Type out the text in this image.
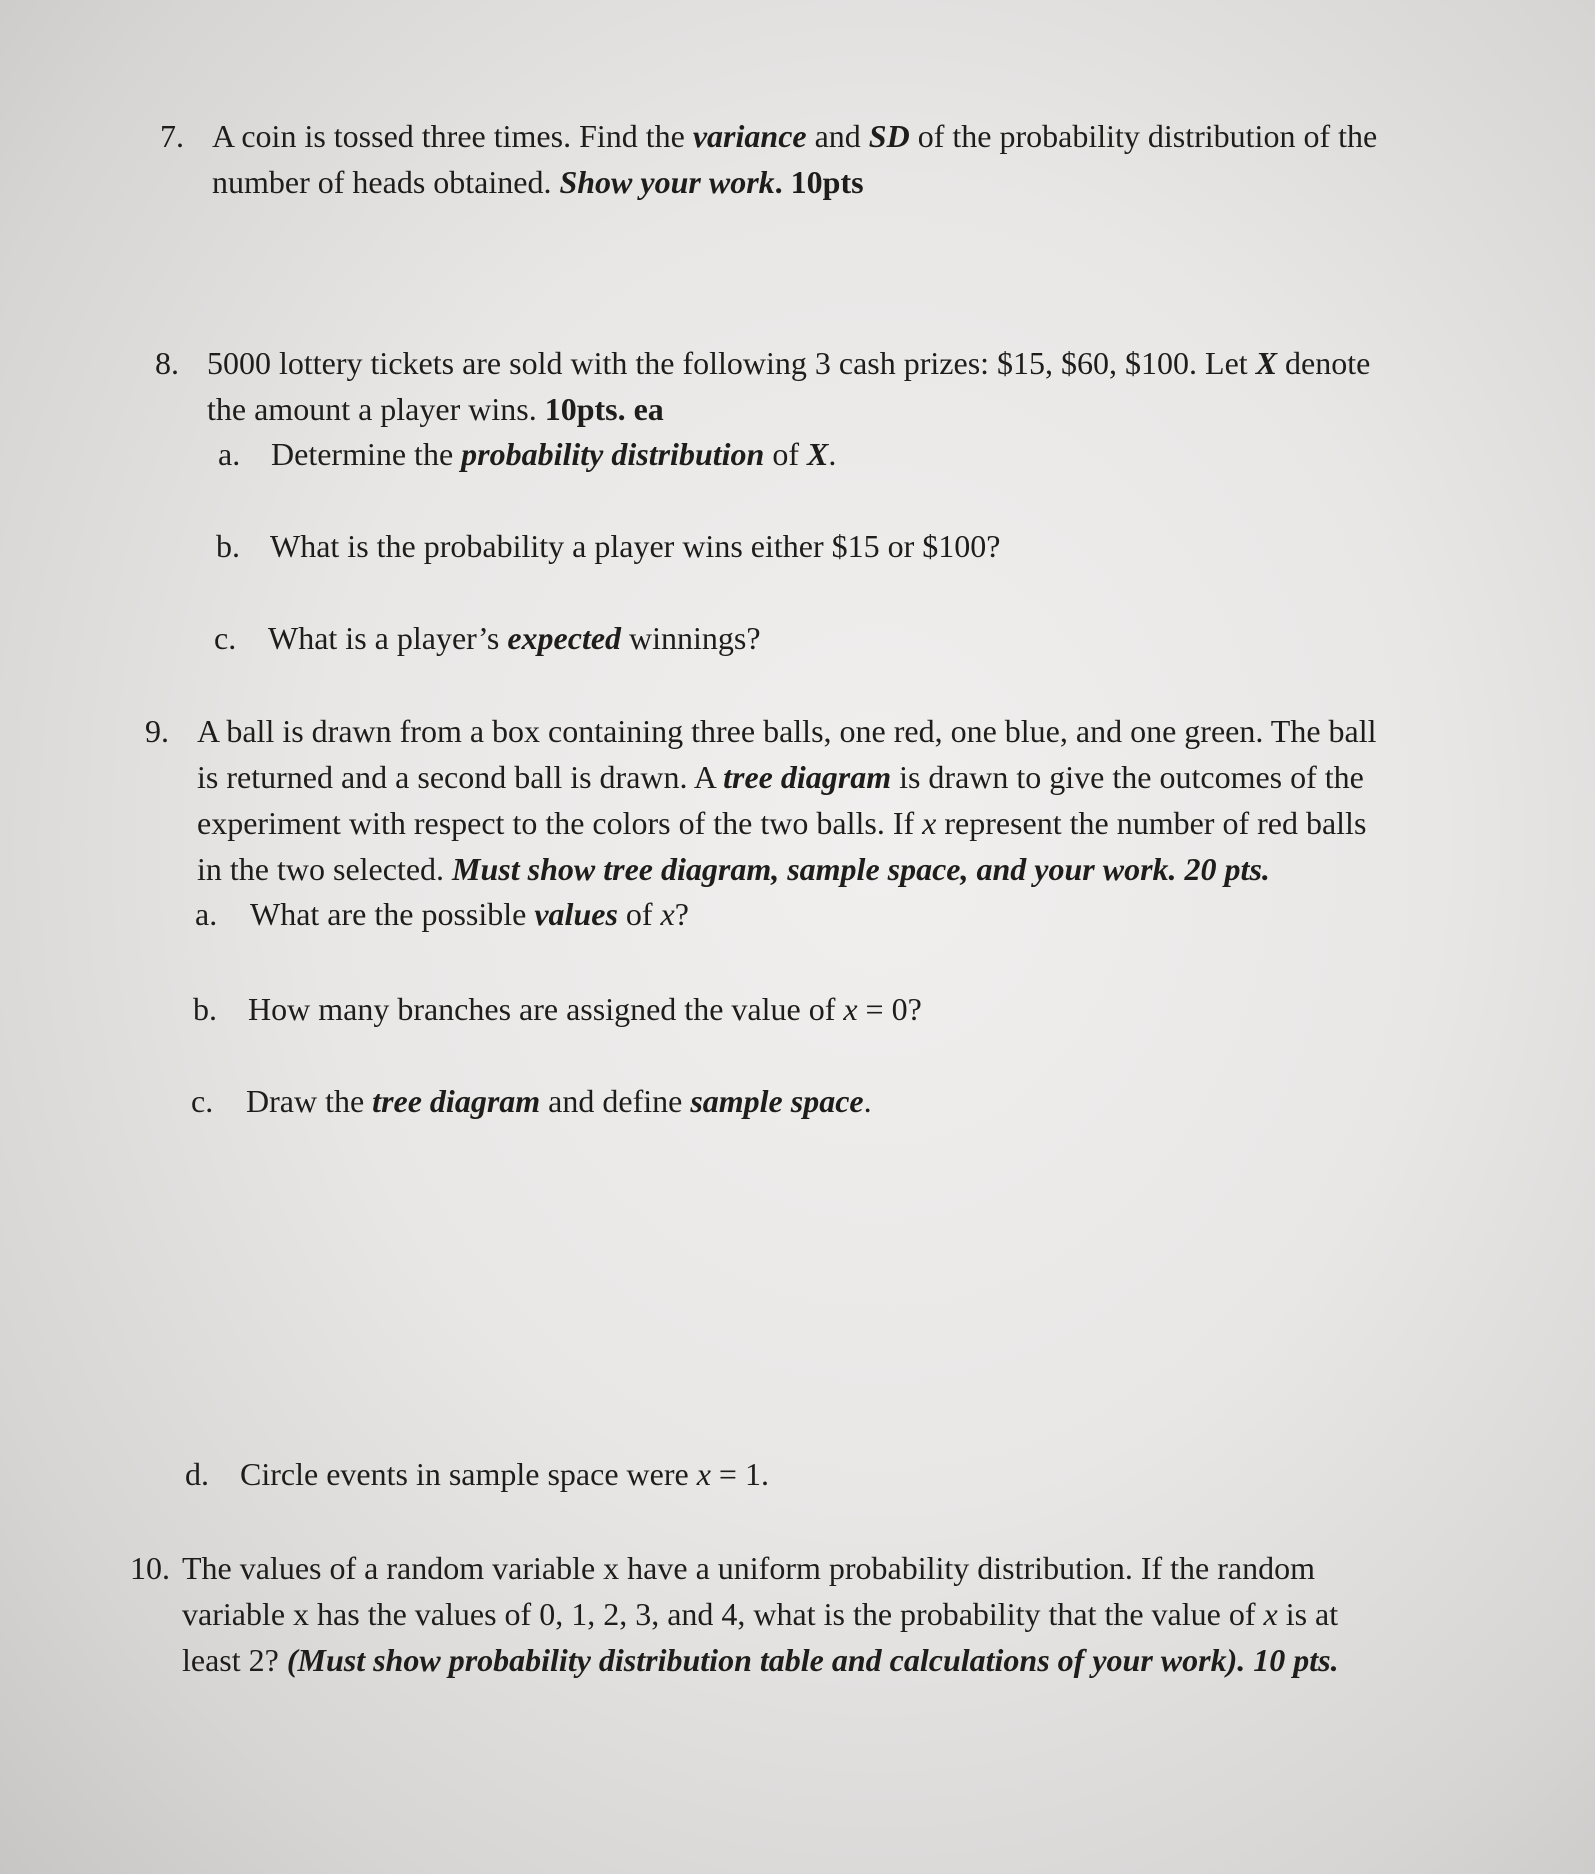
7. A coin is tossed three times. Find the variance and SD of the probability distribution of the
number of heads obtained. Show your work. 10pts
8. 5000 lottery tickets are sold with the following 3 cash prizes: $15, $60, $100. Let X denote
the amount a player wins. 10pts. ea
a. Determine the probability distribution of X.
b. What is the probability a player wins either $15 or $100?
c. What is a player’s expected winnings?
9. A ball is drawn from a box containing three balls, one red, one blue, and one green. The ball
is returned and a second ball is drawn. A tree diagram is drawn to give the outcomes of the
experiment with respect to the colors of the two balls. If x represent the number of red balls
in the two selected. Must show tree diagram, sample space, and your work. 20 pts.
a. What are the possible values of x?
b. How many branches are assigned the value of x = 0?
c. Draw the tree diagram and define sample space.
d. Circle events in sample space were x = 1.
10. The values of a random variable x have a uniform probability distribution. If the random
variable x has the values of 0, 1, 2, 3, and 4, what is the probability that the value of x is at
least 2? (Must show probability distribution table and calculations of your work). 10 pts.
